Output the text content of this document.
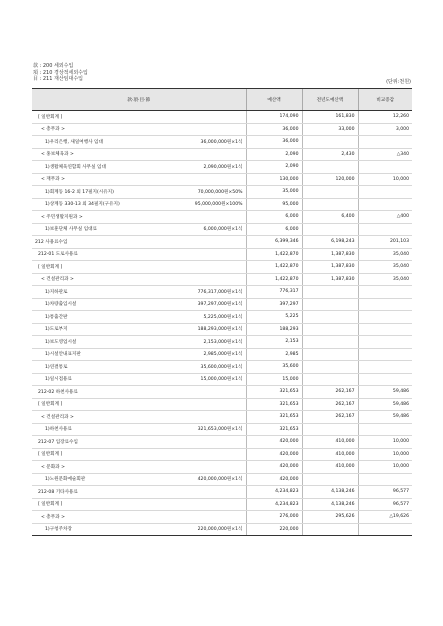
款 : 200 세외수입
項 : 210 경상적세외수입
目 : 211 재산임대수입	(단위:천원)
款·項·目·節	예산액	전년도예산액	비교증감

[ 일반회계 ]	174,090	161,830	12,260

< 총무과 >	36,000	33,000	3,000

1)우리은행, 새일여행사 임대 36,000,000원×1식	36,000		

< 홍보체육과 >	2,090	2,430	△340

1)생활체육연합회 사무실 임대 2,090,000원×1식	2,090		

< 재무과 >	130,000	120,000	10,000

1)회계동 16-2 외 17필지(시유지) 70,000,000원×50%	35,000		

1)상계동 330-13 외 34필지(구유지) 95,000,000원×100%	95,000		

< 주민생활지원과 >	6,000	6,400	△400

1)보훈단체 사무실 임대료 6,000,000원×1식	6,000		

212 사용료수입	6,399,346	6,198,243	201,103

212-01 도로사용료	1,422,870	1,387,830	35,040

[ 일반회계 ]	1,422,870	1,387,830	35,040

< 건설관리과 >	1,422,870	1,387,830	35,040

1)지하관로 776,317,000원×1식	776,317		

1)차량출입시설 397,297,000원×1식	397,297		

1)통출간판 5,225,000원×1식	5,225		

1)도로부지 188,293,000원×1식	188,293		

1)보도영업시설 2,153,000원×1식	2,153		

1)시설안내표지판 2,985,000원×1식	2,985		

1)연결통로 35,600,000원×1식	35,600		

1)일시점용료 15,000,000원×1식	15,000		

212-02 하천사용료	321,653	262,167	59,486

[ 일반회계 ]	321,653	262,167	59,486

< 건설관리과 >	321,653	262,167	59,486

1)하천사용료 321,653,000원×1식	321,653		

212-07 입장료수입	420,000	410,000	10,000

[ 일반회계 ]	420,000	410,000	10,000

< 문화과 >	420,000	410,000	10,000

1)노원문화예술회관 420,000,000원×1식	420,000		

212-08 기타사용료	4,234,823	4,138,246	96,577

[ 일반회계 ]	4,234,823	4,138,246	96,577

< 총무과 >	276,000	295,626	△19,626

1)구청주차장 220,000,000원×1식	220,000		
